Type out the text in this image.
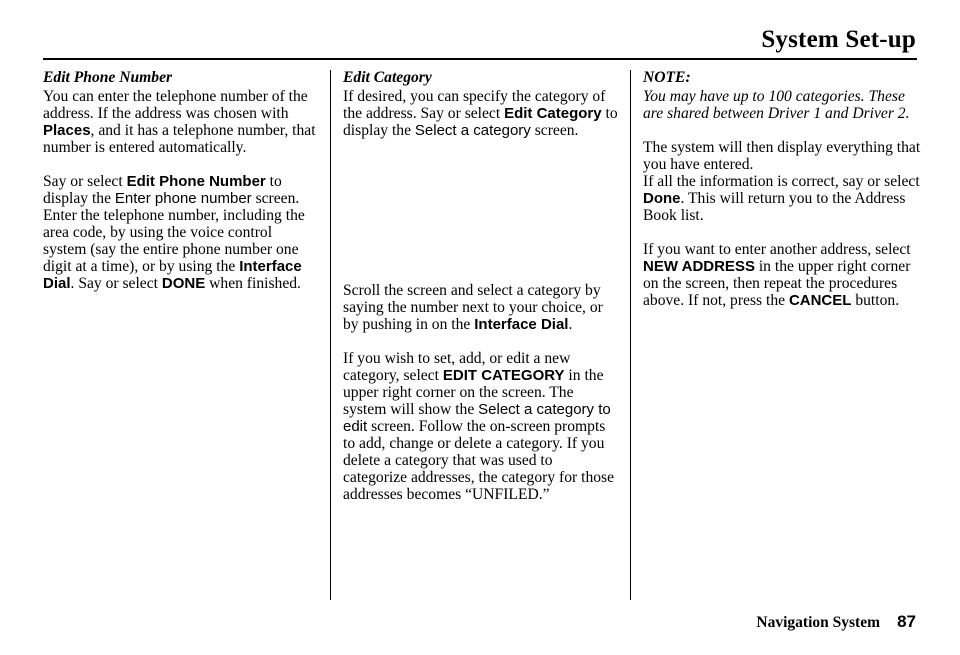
System Set-up

Edit Phone Number

You can enter the telephone number of the address. If the address was chosen with Places, and it has a telephone number, that number is entered automatically.

Say or select Edit Phone Number to display the Enter phone number screen. Enter the telephone number, including the area code, by using the voice control system (say the entire phone number one digit at a time), or by using the Interface Dial. Say or select DONE when finished.

Edit Category

If desired, you can specify the category of the address. Say or select Edit Category to display the Select a category screen.

Scroll the screen and select a category by saying the number next to your choice, or by pushing in on the Interface Dial.

If you wish to set, add, or edit a new category, select EDIT CATEGORY in the upper right corner on the screen. The system will show the Select a category to edit screen. Follow the on-screen prompts to add, change or delete a category. If you delete a category that was used to categorize addresses, the category for those addresses becomes “UNFILED.”

NOTE:

You may have up to 100 categories. These are shared between Driver 1 and Driver 2.

The system will then display everything that you have entered.
If all the information is correct, say or select Done. This will return you to the Address Book list.

If you want to enter another address, select NEW ADDRESS in the upper right corner on the screen, then repeat the procedures above. If not, press the CANCEL button.

Navigation System 87
